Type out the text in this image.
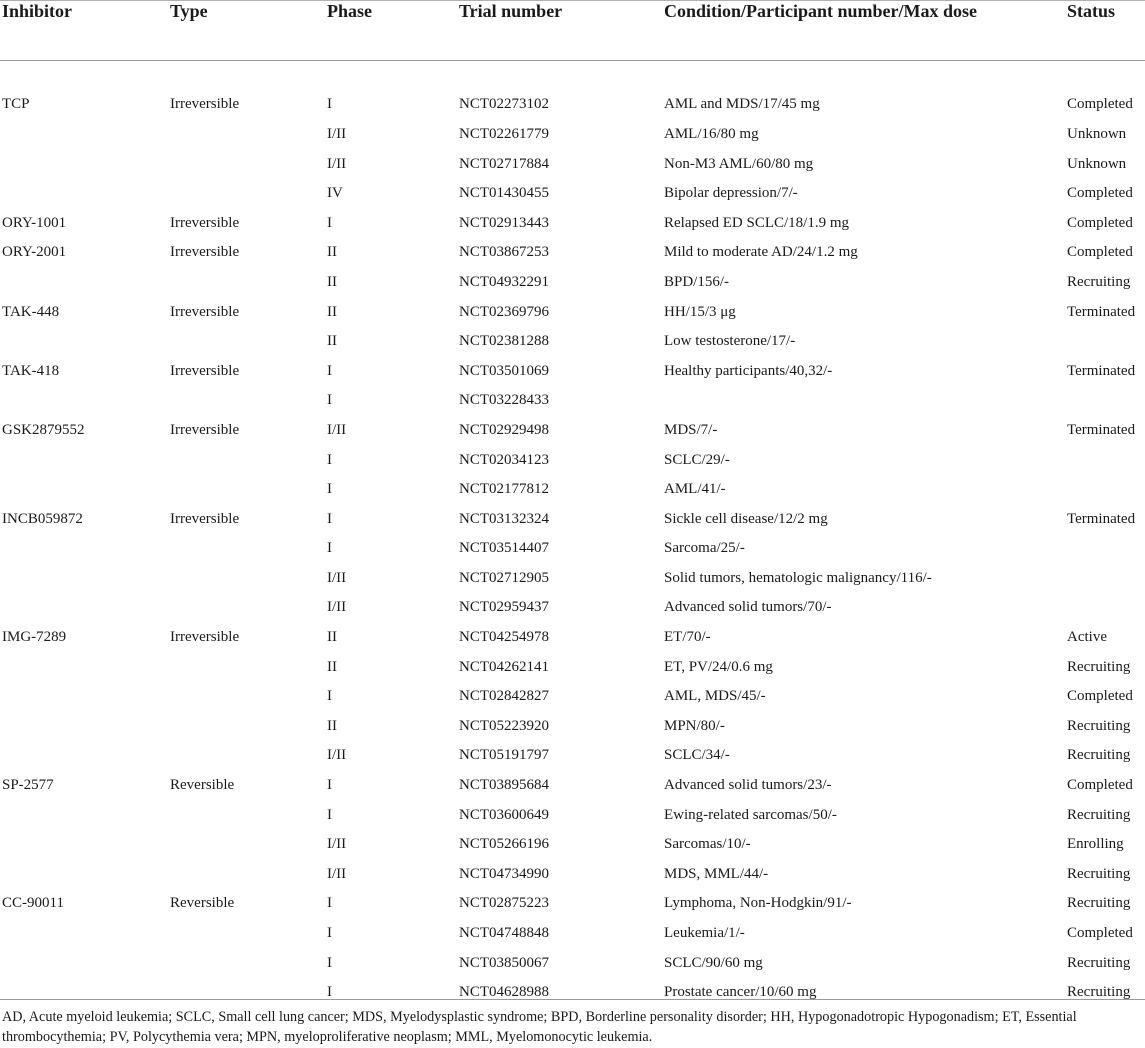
Inhibitor	Type	Phase	Trial number	Condition/Participant number/Max dose	Status

TCP	Irreversible	I	NCT02273102	AML and MDS/17/45 mg	Completed
		I/II	NCT02261779	AML/16/80 mg	Unknown
		I/II	NCT02717884	Non-M3 AML/60/80 mg	Unknown
		IV	NCT01430455	Bipolar depression/7/-	Completed
ORY-1001	Irreversible	I	NCT02913443	Relapsed ED SCLC/18/1.9 mg	Completed
ORY-2001	Irreversible	II	NCT03867253	Mild to moderate AD/24/1.2 mg	Completed
		II	NCT04932291	BPD/156/-	Recruiting
TAK-448	Irreversible	II	NCT02369796	HH/15/3 μg	Terminated
		II	NCT02381288	Low testosterone/17/-	
TAK-418	Irreversible	I	NCT03501069	Healthy participants/40,32/-	Terminated
		I	NCT03228433		
GSK2879552	Irreversible	I/II	NCT02929498	MDS/7/-	Terminated
		I	NCT02034123	SCLC/29/-	
		I	NCT02177812	AML/41/-	
INCB059872	Irreversible	I	NCT03132324	Sickle cell disease/12/2 mg	Terminated
		I	NCT03514407	Sarcoma/25/-	
		I/II	NCT02712905	Solid tumors, hematologic malignancy/116/-	
		I/II	NCT02959437	Advanced solid tumors/70/-	
IMG-7289	Irreversible	II	NCT04254978	ET/70/-	Active
		II	NCT04262141	ET, PV/24/0.6 mg	Recruiting
		I	NCT02842827	AML, MDS/45/-	Completed
		II	NCT05223920	MPN/80/-	Recruiting
		I/II	NCT05191797	SCLC/34/-	Recruiting
SP-2577	Reversible	I	NCT03895684	Advanced solid tumors/23/-	Completed
		I	NCT03600649	Ewing-related sarcomas/50/-	Recruiting
		I/II	NCT05266196	Sarcomas/10/-	Enrolling
		I/II	NCT04734990	MDS, MML/44/-	Recruiting
CC-90011	Reversible	I	NCT02875223	Lymphoma, Non-Hodgkin/91/-	Recruiting
		I	NCT04748848	Leukemia/1/-	Completed
		I	NCT03850067	SCLC/90/60 mg	Recruiting
		I	NCT04628988	Prostate cancer/10/60 mg	Recruiting
AD, Acute myeloid leukemia; SCLC, Small cell lung cancer; MDS, Myelodysplastic syndrome; BPD, Borderline personality disorder; HH, Hypogonadotropic Hypogonadism; ET, Essential thrombocythemia; PV, Polycythemia vera; MPN, myeloproliferative neoplasm; MML, Myelomonocytic leukemia.
